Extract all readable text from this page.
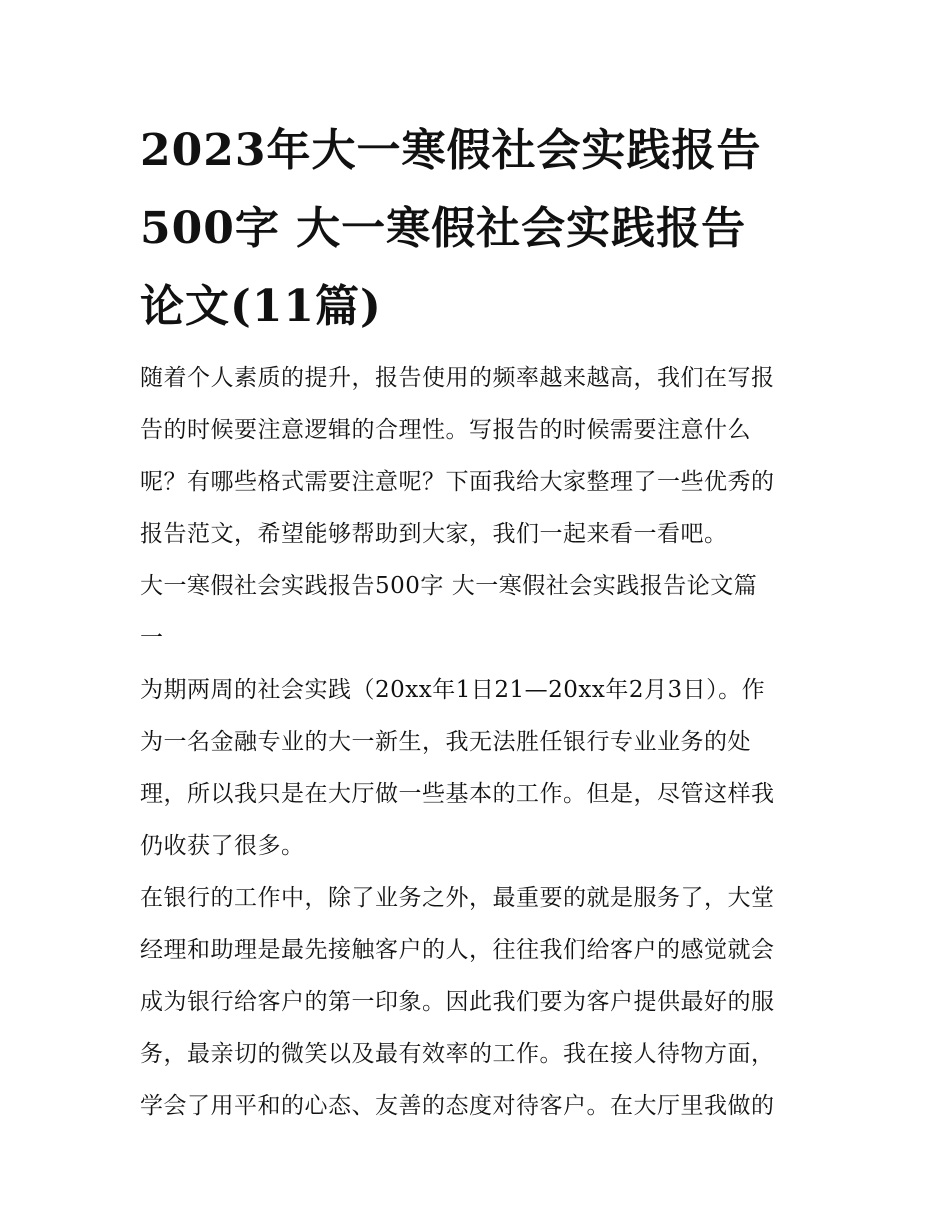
2023年大一寒假社会实践报告
500字 大一寒假社会实践报告
论文(11篇)
随着个人素质的提升，报告使用的频率越来越高，我们在写报
告的时候要注意逻辑的合理性。写报告的时候需要注意什么
呢？有哪些格式需要注意呢？下面我给大家整理了一些优秀的
报告范文，希望能够帮助到大家，我们一起来看一看吧。
大一寒假社会实践报告500字 大一寒假社会实践报告论文篇
一
为期两周的社会实践（20xx年1日21—20xx年2月3日）。作
为一名金融专业的大一新生，我无法胜任银行专业业务的处
理，所以我只是在大厅做一些基本的工作。但是，尽管这样我
仍收获了很多。
在银行的工作中，除了业务之外，最重要的就是服务了，大堂
经理和助理是最先接触客户的人，往往我们给客户的感觉就会
成为银行给客户的第一印象。因此我们要为客户提供最好的服
务，最亲切的微笑以及最有效率的工作。我在接人待物方面，
学会了用平和的心态、友善的态度对待客户。在大厅里我做的
